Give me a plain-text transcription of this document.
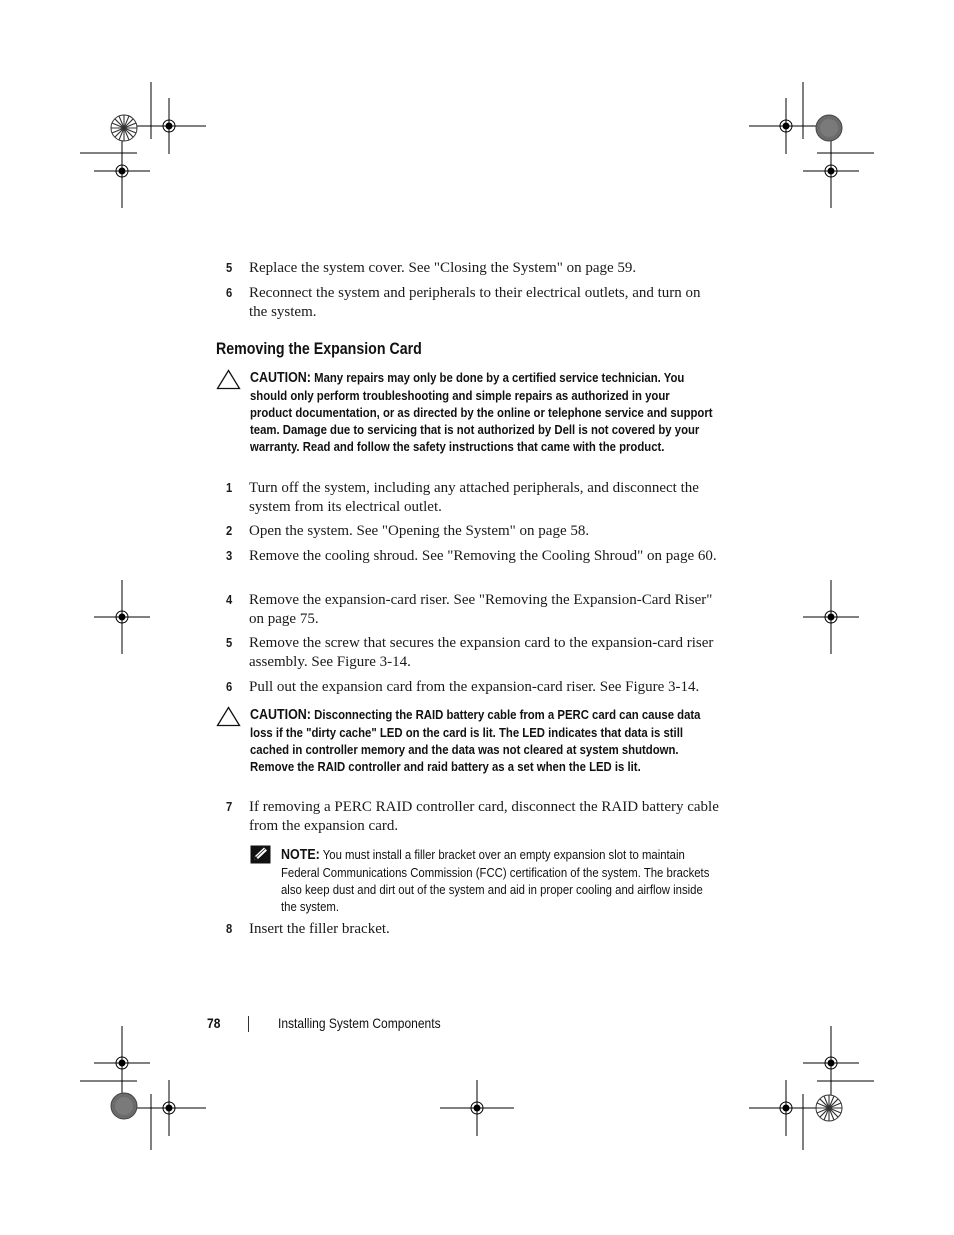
5 Replace the system cover. See "Closing the System" on page 59.
6 Reconnect the system and peripherals to their electrical outlets, and turn on the system.
Removing the Expansion Card
CAUTION: Many repairs may only be done by a certified service technician. You should only perform troubleshooting and simple repairs as authorized in your product documentation, or as directed by the online or telephone service and support team. Damage due to servicing that is not authorized by Dell is not covered by your warranty. Read and follow the safety instructions that came with the product.
1 Turn off the system, including any attached peripherals, and disconnect the system from its electrical outlet.
2 Open the system. See "Opening the System" on page 58.
3 Remove the cooling shroud. See "Removing the Cooling Shroud" on page 60.
4 Remove the expansion-card riser. See "Removing the Expansion-Card Riser" on page 75.
5 Remove the screw that secures the expansion card to the expansion-card riser assembly. See Figure 3-14.
6 Pull out the expansion card from the expansion-card riser. See Figure 3-14.
CAUTION: Disconnecting the RAID battery cable from a PERC card can cause data loss if the "dirty cache" LED on the card is lit. The LED indicates that data is still cached in controller memory and the data was not cleared at system shutdown. Remove the RAID controller and raid battery as a set when the LED is lit.
7 If removing a PERC RAID controller card, disconnect the RAID battery cable from the expansion card.
NOTE: You must install a filler bracket over an empty expansion slot to maintain Federal Communications Commission (FCC) certification of the system. The brackets also keep dust and dirt out of the system and aid in proper cooling and airflow inside the system.
8 Insert the filler bracket.
78	Installing System Components
